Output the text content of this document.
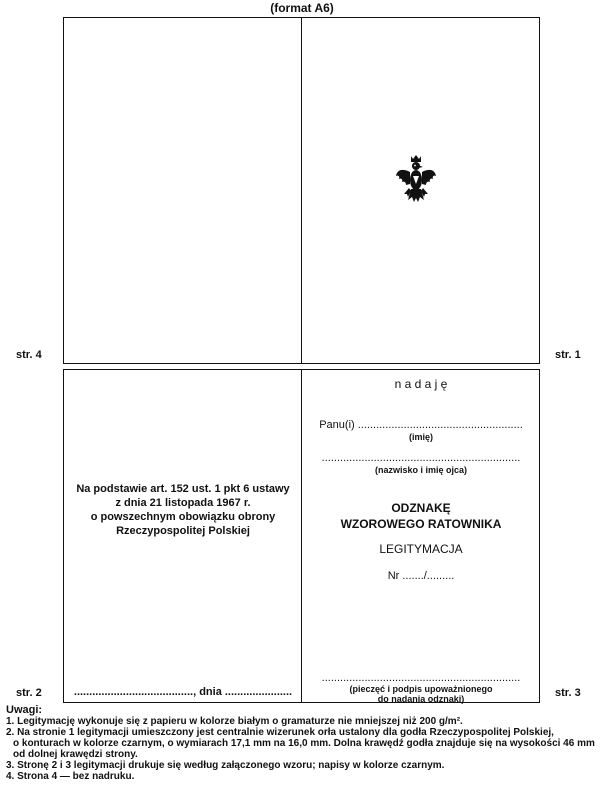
(format A6)
str. 4	str. 1
str. 2	str. 3
Na podstawie art. 152 ust. 1 pkt 6 ustawy
z dnia 21 listopada 1967 r.
o powszechnym obowiązku obrony
Rzeczypospolitej Polskiej
......................................., dnia ......................
n a d a j ę
Panu(i) ......................................................
(imię)
.................................................................
(nazwisko i imię ojca)
ODZNAKĘ
WZOROWEGO RATOWNIKA
LEGITYMACJA
Nr ......./.........
.................................................................
(pieczęć i podpis upoważnionego
do nadania odznaki)
Uwagi:
1. Legitymację wykonuje się z papieru w kolorze białym o gramaturze nie mniejszej niż 200 g/m².
2. Na stronie 1 legitymacji umieszczony jest centralnie wizerunek orła ustalony dla godła Rzeczypospolitej Polskiej,
o konturach w kolorze czarnym, o wymiarach 17,1 mm na 16,0 mm. Dolna krawędź godła znajduje się na wysokości 46 mm
od dolnej krawędzi strony.
3. Stronę 2 i 3 legitymacji drukuje się według załączonego wzoru; napisy w kolorze czarnym.
4. Strona 4 — bez nadruku.
